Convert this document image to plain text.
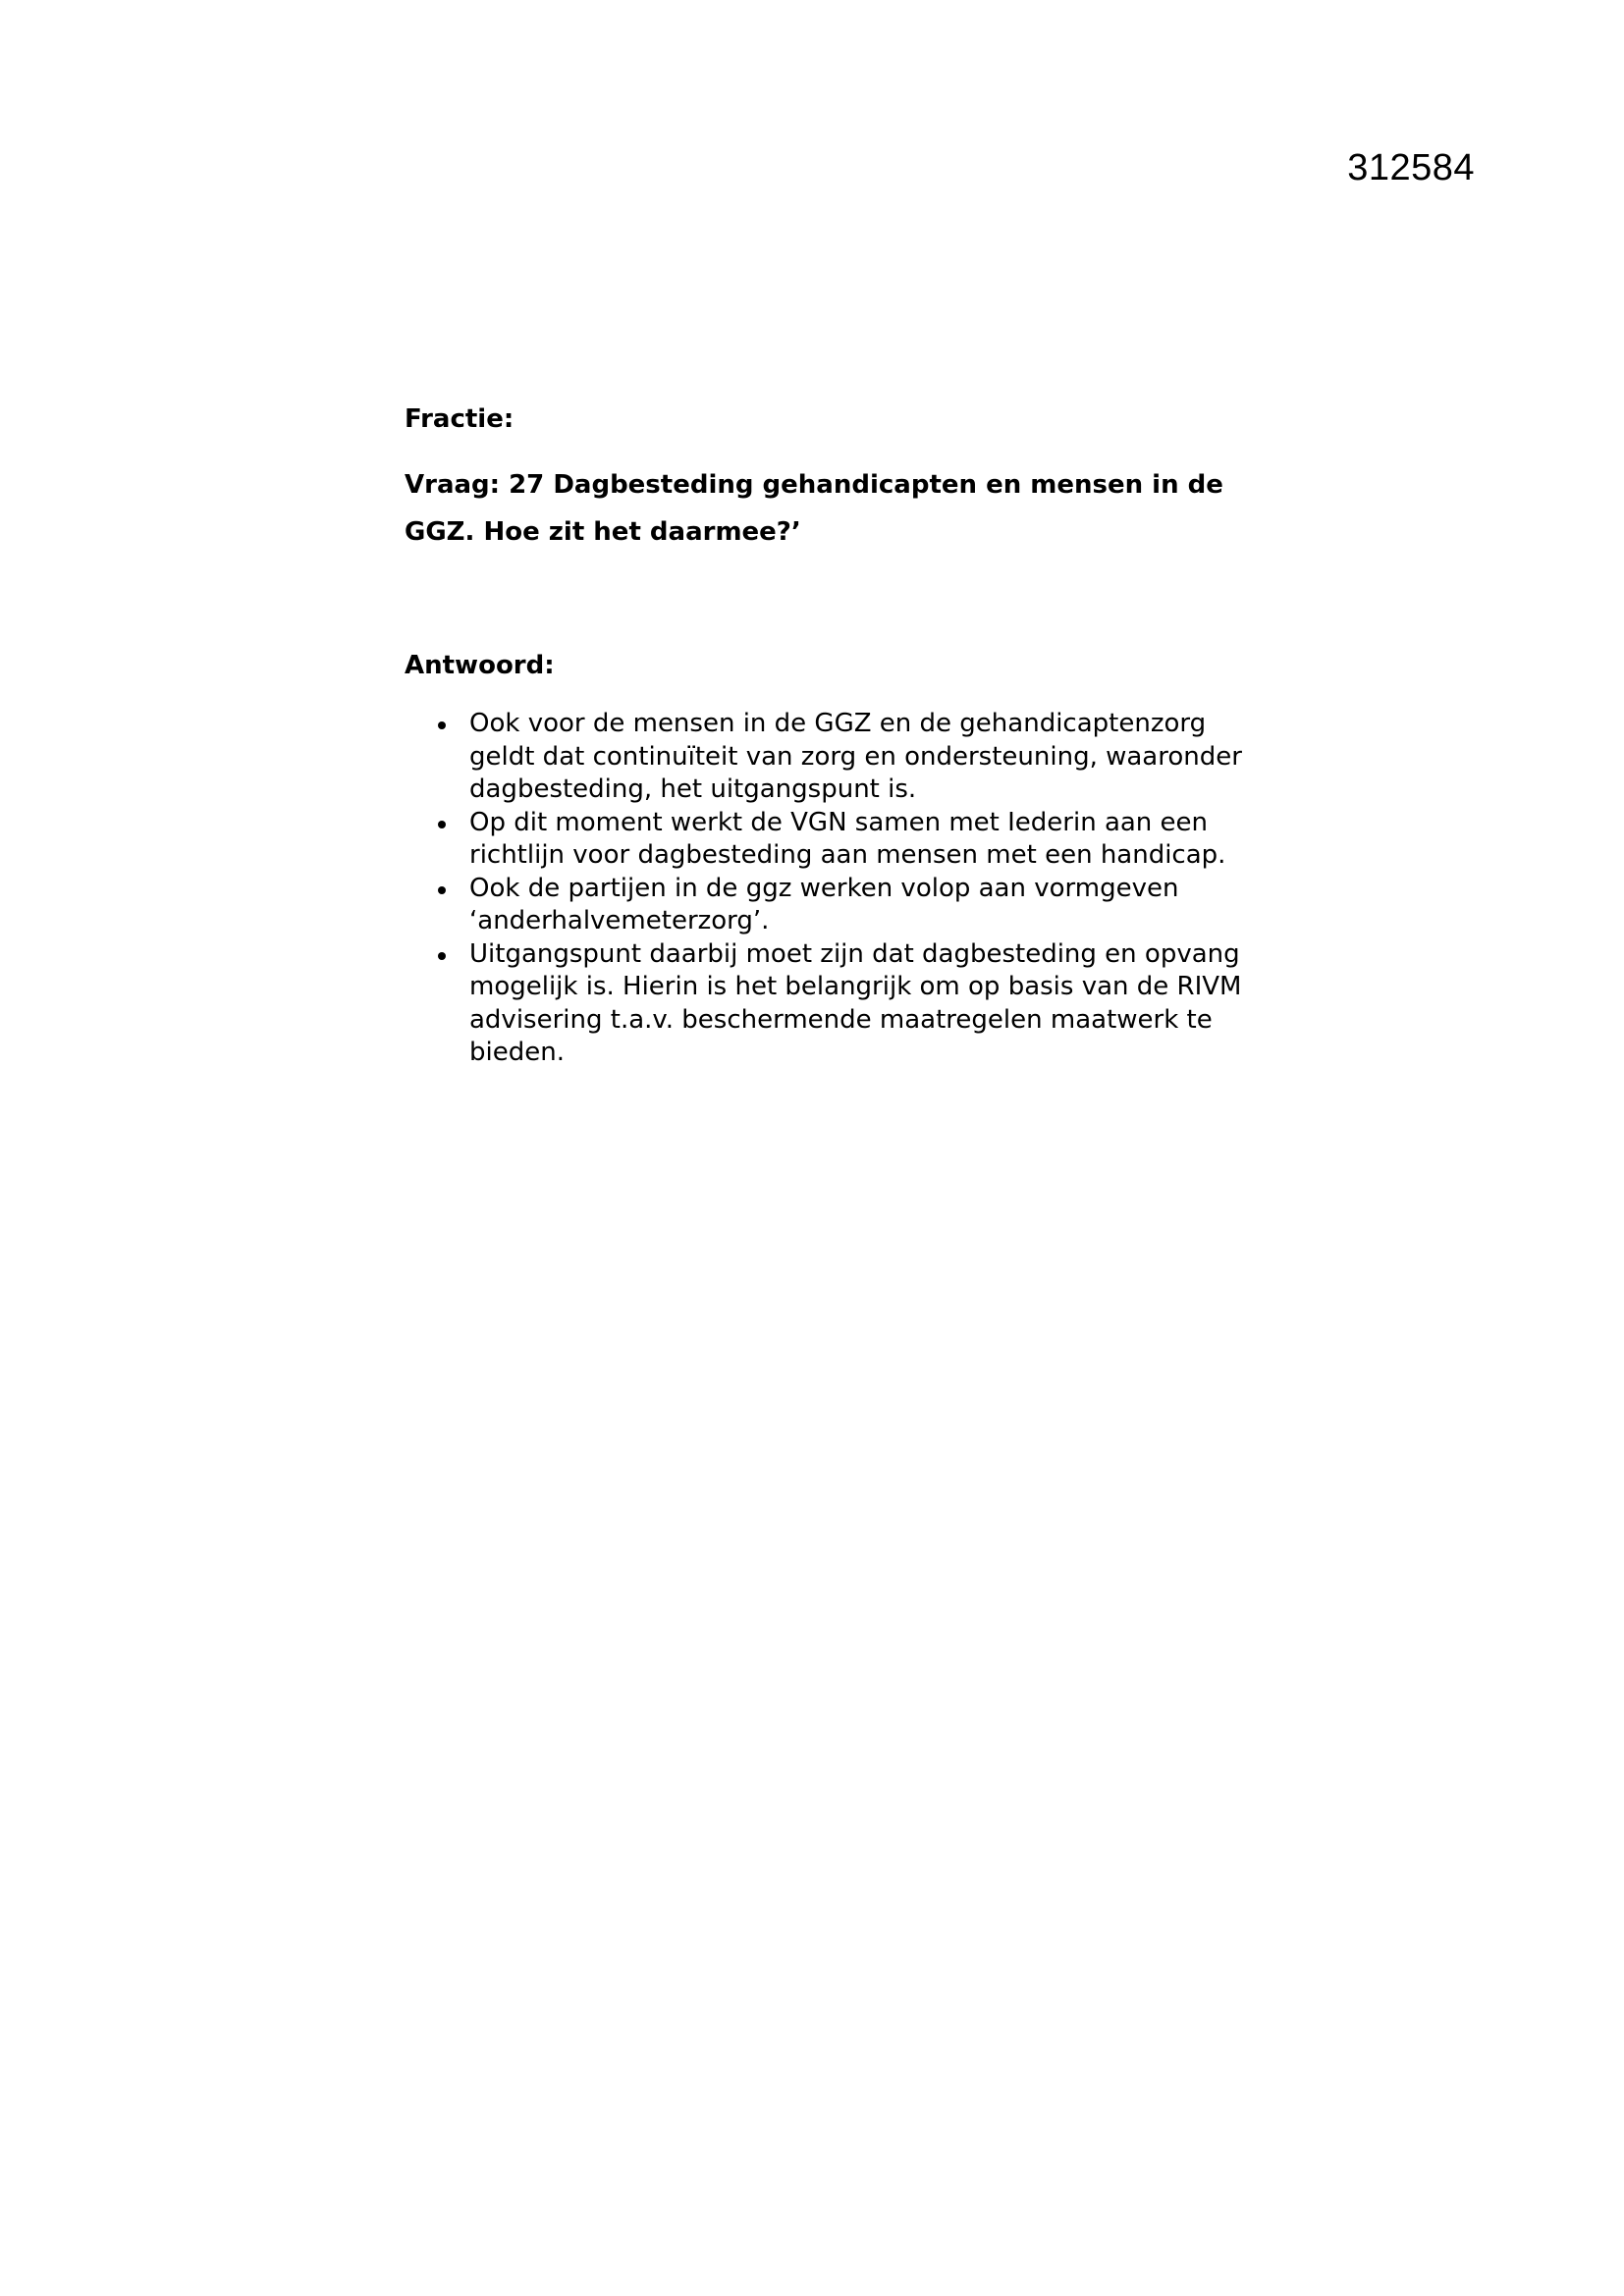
312584

Fractie:

Vraag: 27 Dagbesteding gehandicapten en mensen in de GGZ. Hoe zit het daarmee?’

Antwoord:

Ook voor de mensen in de GGZ en de gehandicaptenzorg geldt dat continuïteit van zorg en ondersteuning, waaronder dagbesteding, het uitgangspunt is.
Op dit moment werkt de VGN samen met Iederin aan een richtlijn voor dagbesteding aan mensen met een handicap.
Ook de partijen in de ggz werken volop aan vormgeven ‘anderhalvemeterzorg’.
Uitgangspunt daarbij moet zijn dat dagbesteding en opvang mogelijk is. Hierin is het belangrijk om op basis van de RIVM advisering t.a.v. beschermende maatregelen maatwerk te bieden.
